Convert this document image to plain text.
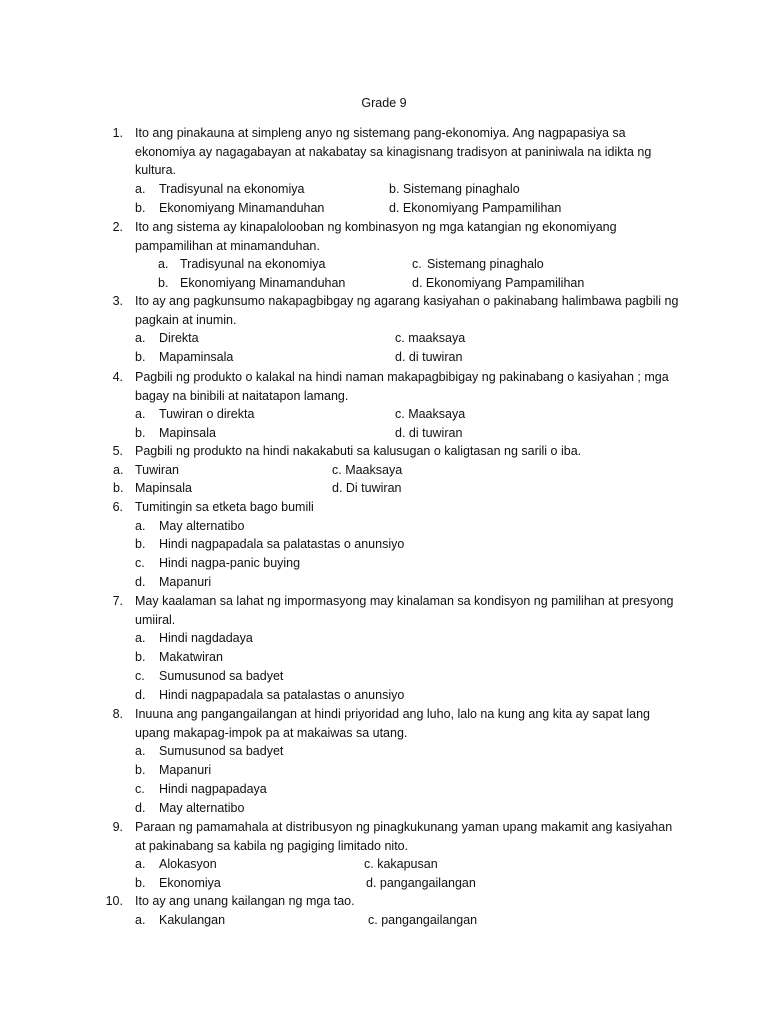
Grade 9
1. Ito ang pinakauna at simpleng anyo ng sistemang pang-ekonomiya. Ang nagpapasiya sa
ekonomiya ay nagagabayan at nakabatay sa kinagisnang tradisyon at paniniwala na idikta ng
kultura.
a. Tradisyunal na ekonomiya	b. Sistemang pinaghalo
b. Ekonomiyang Minamanduhan	d. Ekonomiyang Pampamilihan
2. Ito ang sistema ay kinapalolooban ng kombinasyon ng mga katangian ng ekonomiyang
pampamilihan at minamanduhan.
a. Tradisyunal na ekonomiya	c. Sistemang pinaghalo
b. Ekonomiyang Minamanduhan	d. Ekonomiyang Pampamilihan
3. Ito ay ang pagkunsumo nakapagbibgay ng agarang kasiyahan o pakinabang halimbawa pagbili ng
pagkain at inumin.
a. Direkta	c. maaksaya
b. Mapaminsala	d. di tuwiran
4. Pagbili ng produkto o kalakal na hindi naman makapagbibigay ng pakinabang o kasiyahan ; mga
bagay na binibili at naitatapon lamang.
a. Tuwiran o direkta	c. Maaksaya
b. Mapinsala	d. di tuwiran
5. Pagbili ng produkto na hindi nakakabuti sa kalusugan o kaligtasan ng sarili o iba.
a. Tuwiran	c. Maaksaya
b. Mapinsala	d. Di tuwiran
6. Tumitingin sa etketa bago bumili
a. May alternatibo
b. Hindi nagpapadala sa palatastas o anunsiyo
c. Hindi nagpa-panic buying
d. Mapanuri
7. May kaalaman sa lahat ng impormasyong may kinalaman sa kondisyon ng pamilihan at presyong
umiiral.
a. Hindi nagdadaya
b. Makatwiran
c. Sumusunod sa badyet
d. Hindi nagpapadala sa patalastas o anunsiyo
8. Inuuna ang pangangailangan at hindi priyoridad ang luho, lalo na kung ang kita ay sapat lang
upang makapag-impok pa at makaiwas sa utang.
a. Sumusunod sa badyet
b. Mapanuri
c. Hindi nagpapadaya
d. May alternatibo
9. Paraan ng pamamahala at distribusyon ng pinagkukunang yaman upang makamit ang kasiyahan
at pakinabang sa kabila ng pagiging limitado nito.
a. Alokasyon	c. kakapusan
b. Ekonomiya	d. pangangailangan
10. Ito ay ang unang kailangan ng mga tao.
a. Kakulangan	c. pangangailangan
